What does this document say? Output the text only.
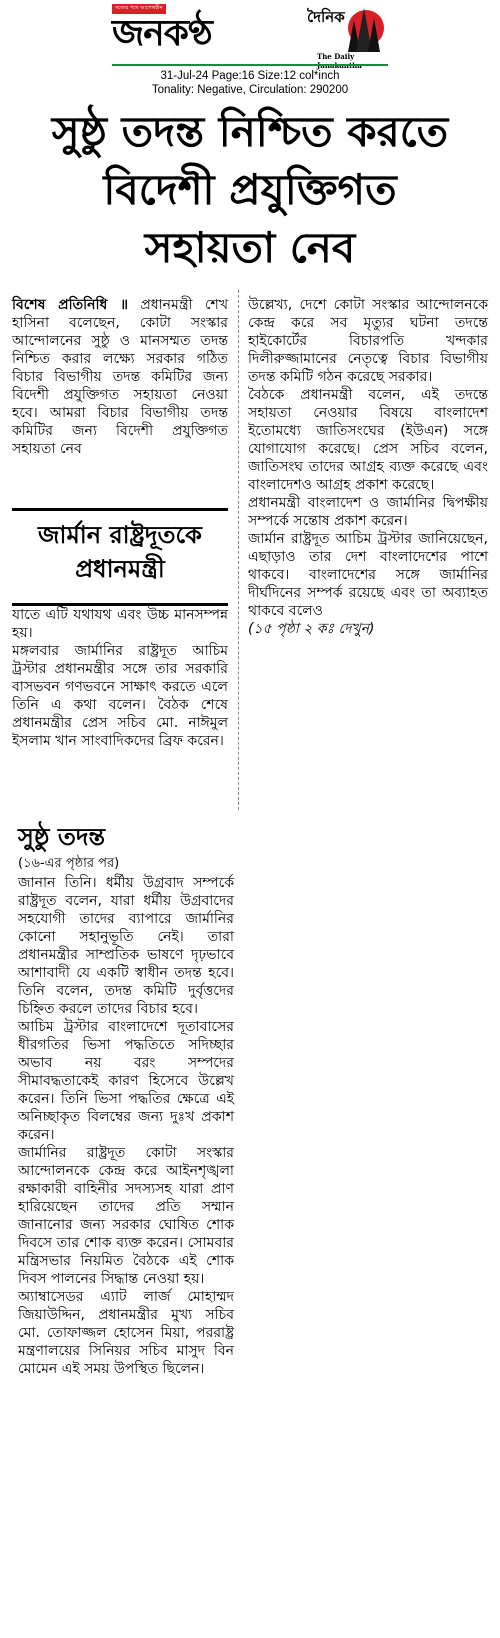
সত্যের পথে আপোষহীন	দৈনিক
জনকণ্ঠ
The Daily
31-Jul-24 Page:16 Size:12 col*inch
Tonality: Negative, Circulation: 290200
সুষ্ঠু তদন্ত নিশ্চিত করতে
বিদেশী প্রযুক্তিগত
সহায়তা নেব

বিশেষ প্রতিনিধি ॥ প্রধানমন্ত্রী শেখ হাসিনা বলেছেন, কোটা সংস্কার আন্দোলনের সুষ্ঠু ও মানসম্মত তদন্ত নিশ্চিত করার লক্ষ্যে সরকার গঠিত বিচার বিভাগীয় তদন্ত কমিটির জন্য বিদেশী প্রযুক্তিগত সহায়তা নেওয়া হবে। আমরা বিচার বিভাগীয় তদন্ত কমিটির জন্য বিদেশী প্রযুক্তিগত সহায়তা নেব

জার্মান রাষ্ট্রদূতকে
প্রধানমন্ত্রী

যাতে এটি যথাযথ এবং উচ্চ মানসম্পন্ন হয়।

মঙ্গলবার জার্মানির রাষ্ট্রদূত আচিম ট্রস্টার প্রধানমন্ত্রীর সঙ্গে তার সরকারি বাসভবন গণভবনে সাক্ষাৎ করতে এলে তিনি এ কথা বলেন। বৈঠক শেষে প্রধানমন্ত্রীর প্রেস সচিব মো. নাঈমুল ইসলাম খান সাংবাদিকদের ব্রিফ করেন।

উল্লেখ্য, দেশে কোটা সংস্কার আন্দোলনকে কেন্দ্র করে সব মৃত্যুর ঘটনা তদন্তে হাইকোর্টের বিচারপতি খন্দকার দিলীরুজ্জামানের নেতৃত্বে বিচার বিভাগীয় তদন্ত কমিটি গঠন করেছে সরকার।

বৈঠকে প্রধানমন্ত্রী বলেন, এই তদন্তে সহায়তা নেওয়ার বিষয়ে বাংলাদেশ ইতোমধ্যে জাতিসংঘের (ইউএন) সঙ্গে যোগাযোগ করেছে। প্রেস সচিব বলেন, জাতিসংঘ তাদের আগ্রহ ব্যক্ত করেছে এবং বাংলাদেশও আগ্রহ প্রকাশ করেছে।

প্রধানমন্ত্রী বাংলাদেশ ও জার্মানির দ্বিপক্ষীয় সম্পর্কে সন্তোষ প্রকাশ করেন।

জার্মান রাষ্ট্রদূত আচিম ট্রস্টার জানিয়েছেন, এছাড়াও তার দেশ বাংলাদেশের পাশে থাকবে। বাংলাদেশের সঙ্গে জার্মানির দীর্ঘদিনের সম্পর্ক রয়েছে এবং তা অব্যাহত থাকবে বলেও

(১৫ পৃষ্ঠা ২ কঃ দেখুন)

সুষ্ঠু তদন্ত
(১৬-এর পৃষ্ঠার পর)

জানান তিনি। ধর্মীয় উগ্রবাদ সম্পর্কে রাষ্ট্রদূত বলেন, যারা ধর্মীয় উগ্রবাদের সহযোগী তাদের ব্যাপারে জার্মানির কোনো সহানুভূতি নেই। তারা প্রধানমন্ত্রীর সাম্প্রতিক ভাষণে দৃঢ়ভাবে আশাবাদী যে একটি স্বাধীন তদন্ত হবে। তিনি বলেন, তদন্ত কমিটি দুর্বৃত্তদের চিহ্নিত করলে তাদের বিচার হবে।

আচিম ট্রস্টার বাংলাদেশে দূতাবাসের ধীরগতির ভিসা পদ্ধতিতে সদিচ্ছার অভাব নয় বরং সম্পদের সীমাবদ্ধতাকেই কারণ হিসেবে উল্লেখ করেন। তিনি ভিসা পদ্ধতির ক্ষেত্রে এই অনিচ্ছাকৃত বিলম্বের জন্য দুঃখ প্রকাশ করেন।

জার্মানির রাষ্ট্রদূত কোটা সংস্কার আন্দোলনকে কেন্দ্র করে আইনশৃঙ্খলা রক্ষাকারী বাহিনীর সদস্যসহ যারা প্রাণ হারিয়েছেন তাদের প্রতি সম্মান জানানোর জন্য সরকার ঘোষিত শোক দিবসে তার শোক ব্যক্ত করেন। সোমবার মন্ত্রিসভার নিয়মিত বৈঠকে এই শোক দিবস পালনের সিদ্ধান্ত নেওয়া হয়।

অ্যাম্বাসেডর এ্যাট লার্জ মোহাম্মদ জিয়াউদ্দিন, প্রধানমন্ত্রীর মুখ্য সচিব মো. তোফাজ্জল হোসেন মিয়া, পররাষ্ট্র মন্ত্রণালয়ের সিনিয়র সচিব মাসুদ বিন মোমেন এই সময় উপস্থিত ছিলেন।
